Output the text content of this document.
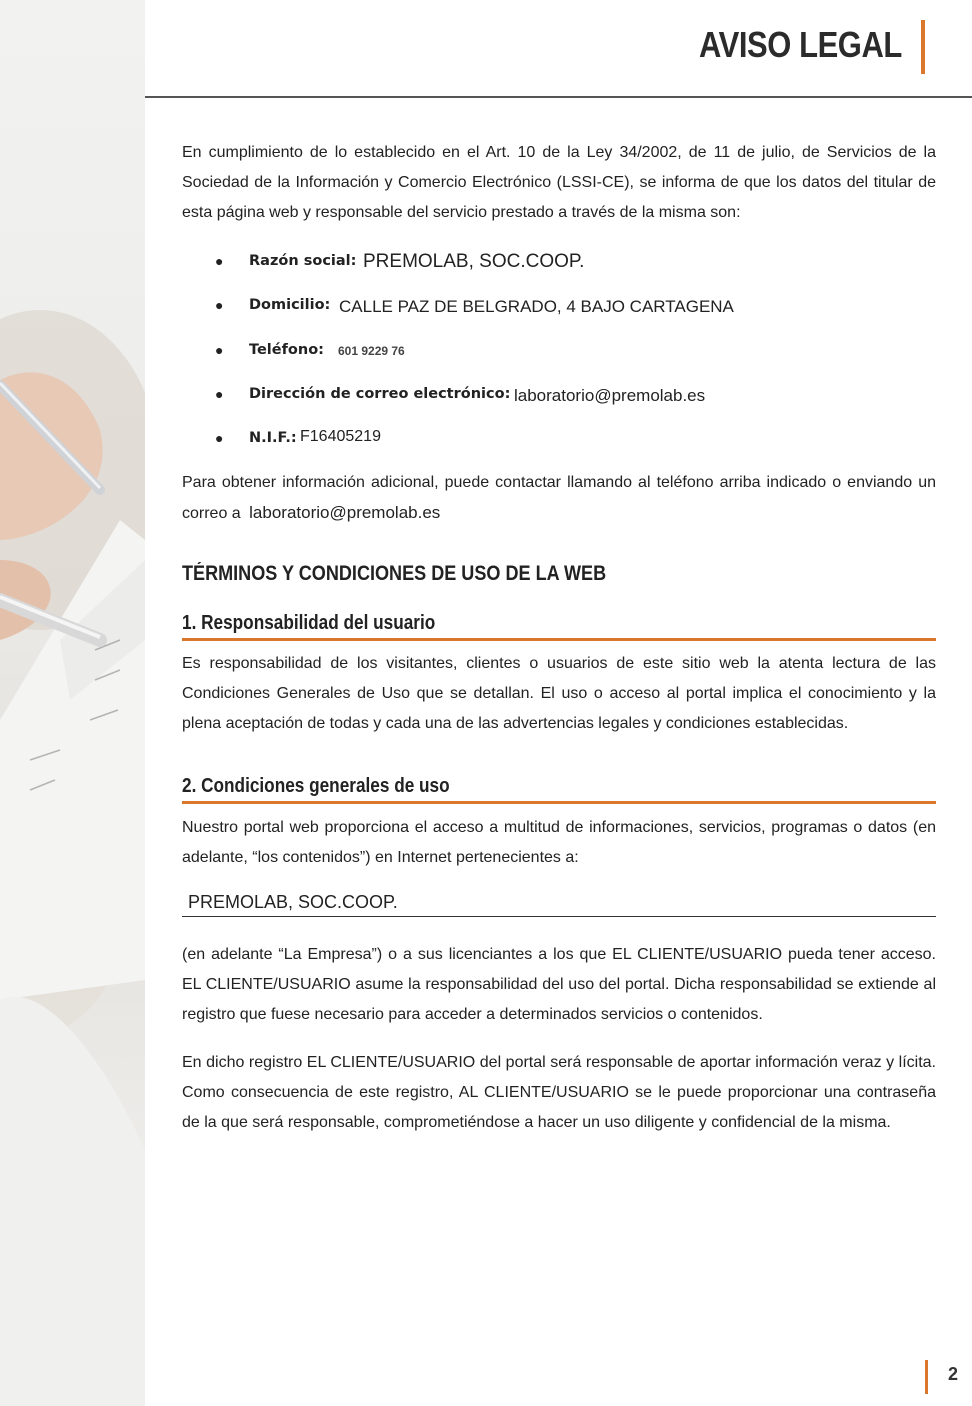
AVISO LEGAL
En cumplimiento de lo establecido en el Art. 10 de la Ley 34/2002, de 11 de julio, de Servicios de la Sociedad de la Información y Comercio Electrónico (LSSI-CE), se informa de que los datos del titular de esta página web y responsable del servicio prestado a través de la misma son:
● Razón social: PREMOLAB, SOC.COOP.
● Domicilio: CALLE PAZ DE BELGRADO, 4 BAJO CARTAGENA
● Teléfono: 601 9229 76
● Dirección de correo electrónico: laboratorio@premolab.es
● N.I.F.: F16405219
Para obtener información adicional, puede contactar llamando al teléfono arriba indicado o enviando un correo a laboratorio@premolab.es
TÉRMINOS Y CONDICIONES DE USO DE LA WEB
1. Responsabilidad del usuario
Es responsabilidad de los visitantes, clientes o usuarios de este sitio web la atenta lectura de las Condiciones Generales de Uso que se detallan. El uso o acceso al portal implica el conocimiento y la plena aceptación de todas y cada una de las advertencias legales y condiciones establecidas.
2. Condiciones generales de uso
Nuestro portal web proporciona el acceso a multitud de informaciones, servicios, programas o datos (en adelante, “los contenidos”) en Internet pertenecientes a:
PREMOLAB, SOC.COOP.
(en adelante “La Empresa”) o a sus licenciantes a los que EL CLIENTE/USUARIO pueda tener acceso. EL CLIENTE/USUARIO asume la responsabilidad del uso del portal. Dicha responsabilidad se extiende al registro que fuese necesario para acceder a determinados servicios o contenidos.
En dicho registro EL CLIENTE/USUARIO del portal será responsable de aportar información veraz y lícita. Como consecuencia de este registro, AL CLIENTE/USUARIO se le puede proporcionar una contraseña de la que será responsable, comprometiéndose a hacer un uso diligente y confidencial de la misma.
2
